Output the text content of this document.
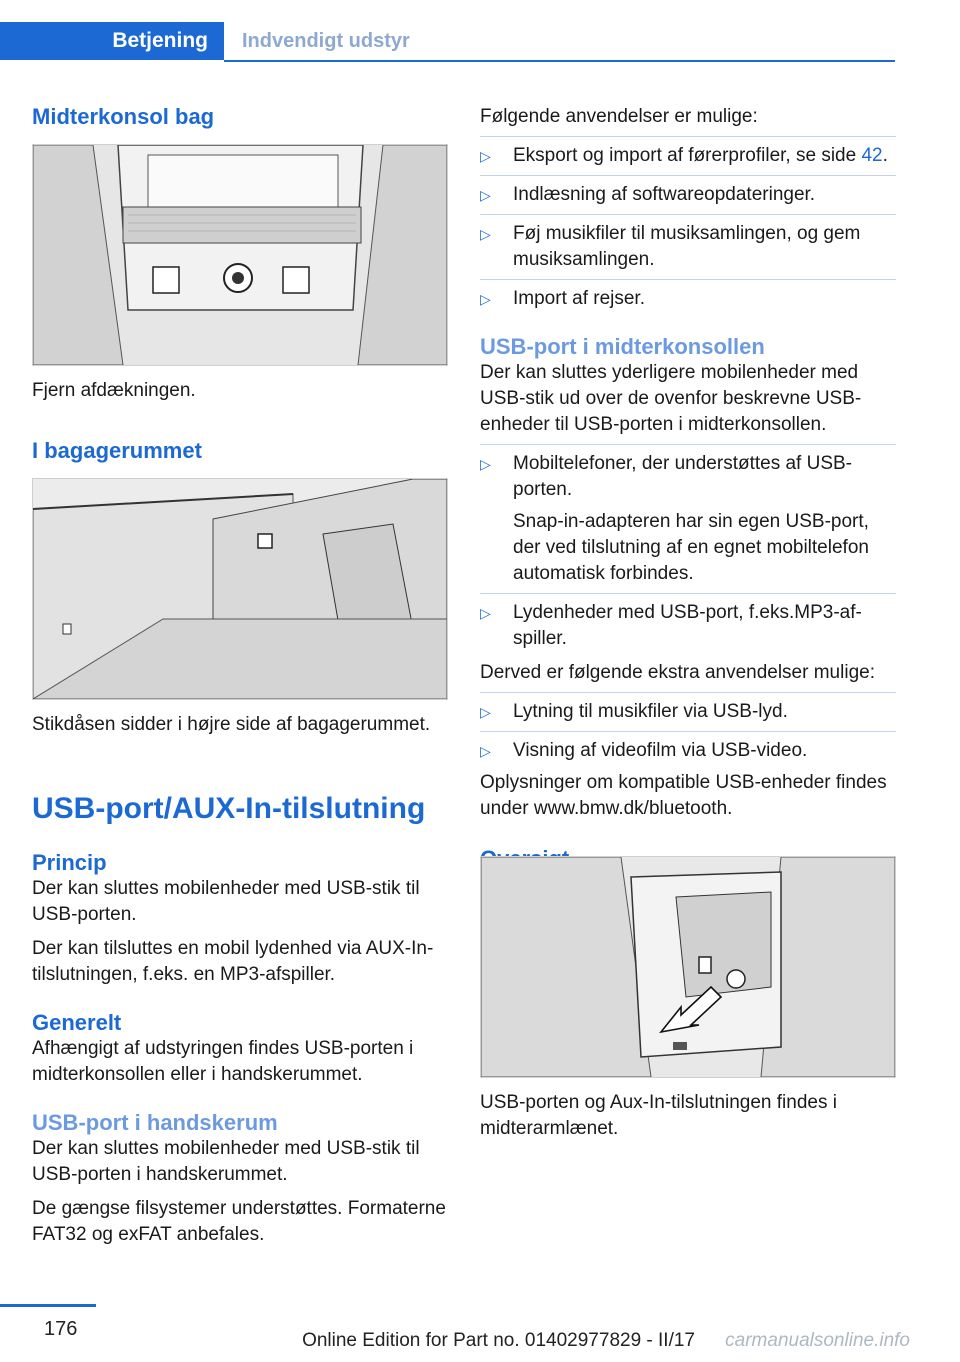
Betjening	Indvendigt udstyr
Midterkonsol bag

Fjern afdækningen.

I bagagerummet

Stikdåsen sidder i højre side af bagagerummet.

USB-port/AUX-In-tilslutning
Princip

Der kan sluttes mobilenheder med USB-stik til USB-porten.

Der kan tilsluttes en mobil lydenhed via AUX-In-tilslutningen, f.eks. en MP3-afspiller.

Generelt

Afhængigt af udstyringen findes USB-porten i midterkonsollen eller i handskerummet.

USB-port i handskerum

Der kan sluttes mobilenheder med USB-stik til USB-porten i handskerummet.

De gængse filsystemer understøttes. Formaterne FAT32 og exFAT anbefales.

Følgende anvendelser er mulige:

▷ Eksport og import af førerprofiler, se side 42.
▷ Indlæsning af softwareopdateringer.
▷ Føj musikfiler til musiksamlingen, og gem musiksamlingen.
▷ Import af rejser.
USB-port i midterkonsollen

Der kan sluttes yderligere mobilenheder med USB-stik ud over de ovenfor beskrevne USB-enheder til USB-porten i midterkonsollen.

▷ Mobiltelefoner, der understøttes af USB-porten.

Snap-in-adapteren har sin egen USB-port, der ved tilslutning af en egnet mobiltelefon automatisk forbindes.

▷ Lydenheder med USB-port, f.eks.MP3-afspiller.

Derved er følgende ekstra anvendelser mulige:

▷ Lytning til musikfiler via USB-lyd.
▷ Visning af videofilm via USB-video.

Oplysninger om kompatible USB-enheder findes under www.bmw.dk/bluetooth.

USB-porten og Aux-In-tilslutningen findes i midterarmlænet.

176
Online Edition for Part no. 01402977829 - II/17 carmanualsonline.info
